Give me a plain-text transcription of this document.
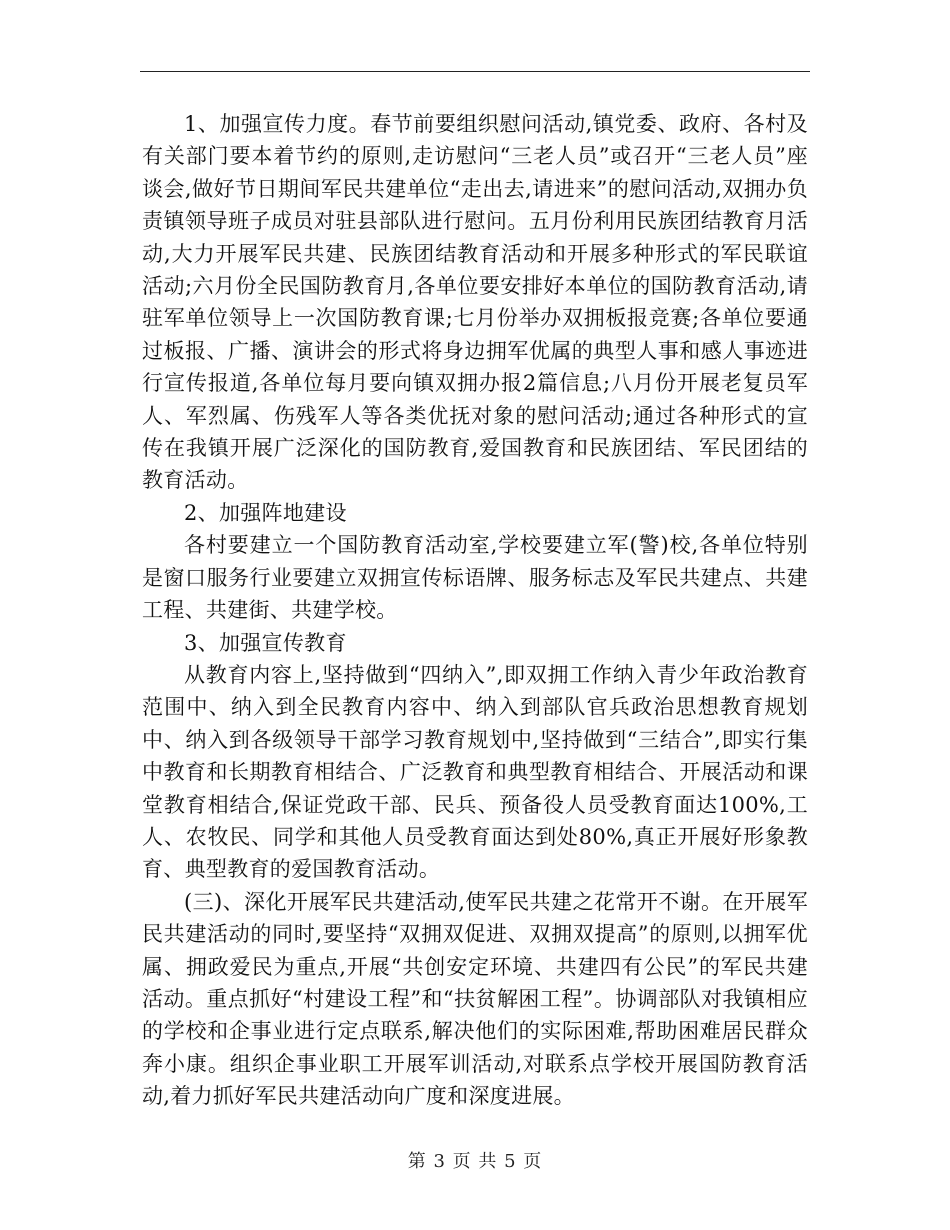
1、加强宣传力度。春节前要组织慰问活动,镇党委、政府、各村及有关部门要本着节约的原则,走访慰问“三老人员”或召开“三老人员”座谈会,做好节日期间军民共建单位“走出去,请进来”的慰问活动,双拥办负责镇领导班子成员对驻县部队进行慰问。五月份利用民族团结教育月活动,大力开展军民共建、民族团结教育活动和开展多种形式的军民联谊活动;六月份全民国防教育月,各单位要安排好本单位的国防教育活动,请驻军单位领导上一次国防教育课;七月份举办双拥板报竞赛;各单位要通过板报、广播、演讲会的形式将身边拥军优属的典型人事和感人事迹进行宣传报道,各单位每月要向镇双拥办报2篇信息;八月份开展老复员军人、军烈属、伤残军人等各类优抚对象的慰问活动;通过各种形式的宣传在我镇开展广泛深化的国防教育,爱国教育和民族团结、军民团结的教育活动。

2、加强阵地建设

各村要建立一个国防教育活动室,学校要建立军(警)校,各单位特别是窗口服务行业要建立双拥宣传标语牌、服务标志及军民共建点、共建工程、共建街、共建学校。

3、加强宣传教育

从教育内容上,坚持做到“四纳入”,即双拥工作纳入青少年政治教育范围中、纳入到全民教育内容中、纳入到部队官兵政治思想教育规划中、纳入到各级领导干部学习教育规划中,坚持做到“三结合”,即实行集中教育和长期教育相结合、广泛教育和典型教育相结合、开展活动和课堂教育相结合,保证党政干部、民兵、预备役人员受教育面达100%,工人、农牧民、同学和其他人员受教育面达到处80%,真正开展好形象教育、典型教育的爱国教育活动。

(三)、深化开展军民共建活动,使军民共建之花常开不谢。在开展军民共建活动的同时,要坚持“双拥双促进、双拥双提高”的原则,以拥军优属、拥政爱民为重点,开展“共创安定环境、共建四有公民”的军民共建活动。重点抓好“村建设工程”和“扶贫解困工程”。协调部队对我镇相应的学校和企事业进行定点联系,解决他们的实际困难,帮助困难居民群众奔小康。组织企事业职工开展军训活动,对联系点学校开展国防教育活动,着力抓好军民共建活动向广度和深度进展。

第 3 页 共 5 页
